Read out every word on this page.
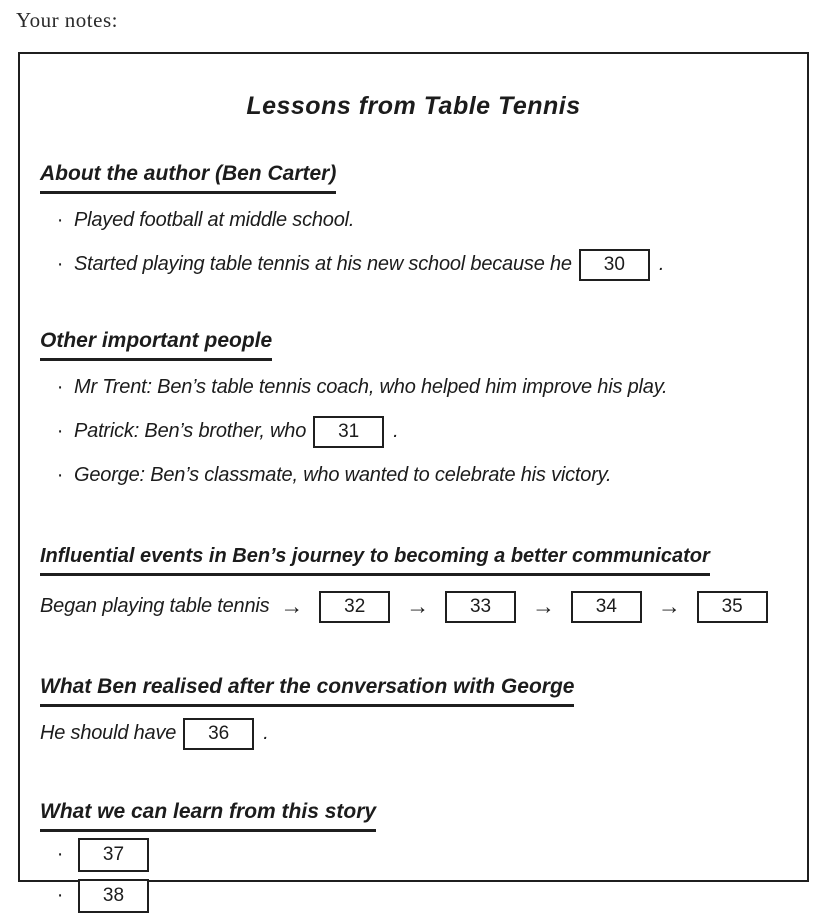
Your notes:
Lessons from Table Tennis
About the author (Ben Carter)
· Played football at middle school.
· Started playing table tennis at his new school because he	30	.
Other important people
· Mr Trent: Ben’s table tennis coach, who helped him improve his play.
· Patrick: Ben’s brother, who	31	.
· George: Ben’s classmate, who wanted to celebrate his victory.
Influential events in Ben’s journey to becoming a better communicator
Began playing table tennis →	32	→	33	→	34	→	35
What Ben realised after the conversation with George
He should have	36	.
What we can learn from this story
·	37
·	38
